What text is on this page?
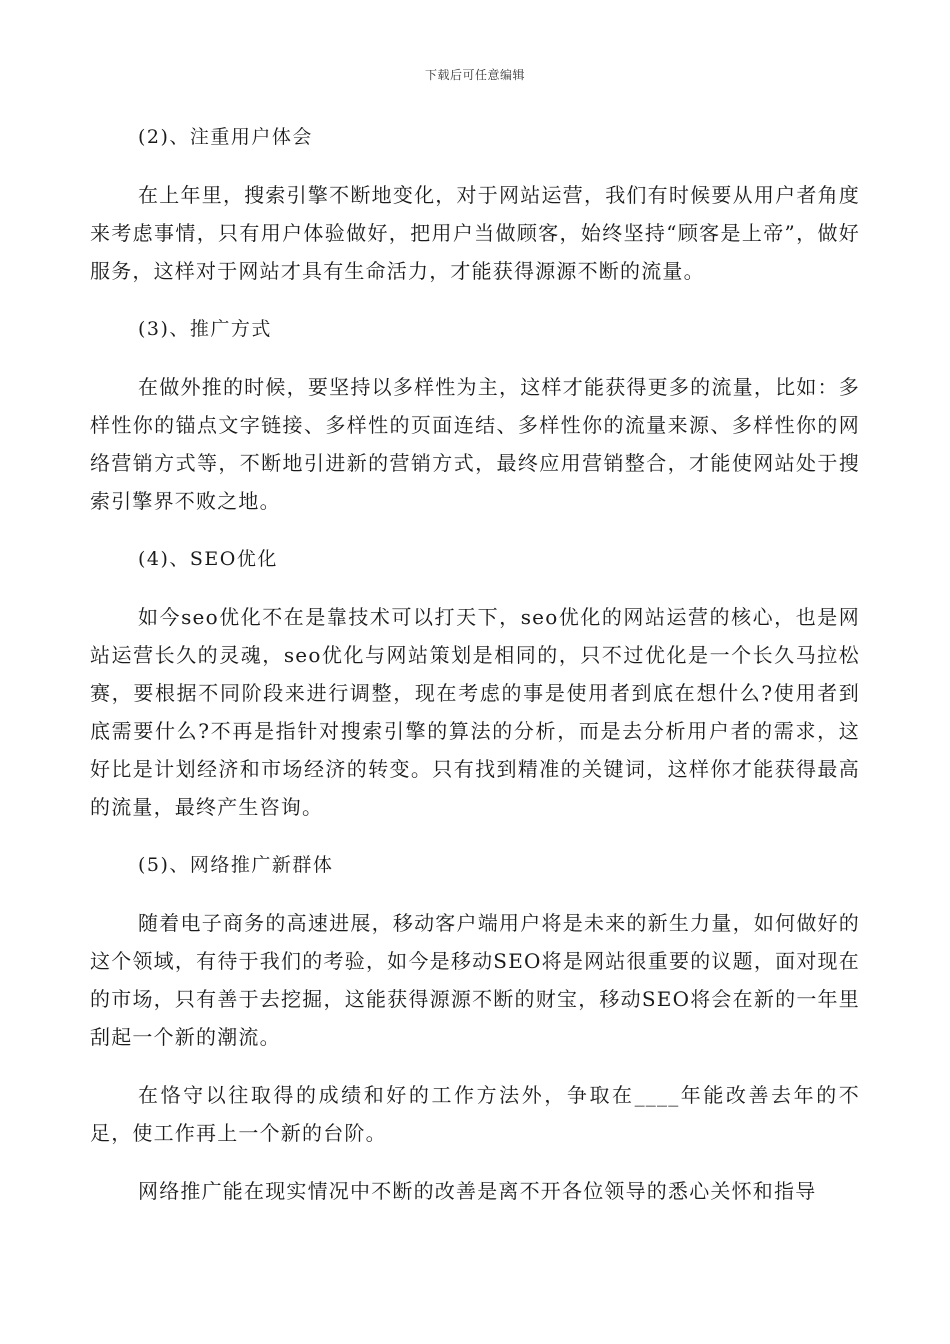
下载后可任意编辑

(2)、注重用户体会

在上年里，搜索引擎不断地变化，对于网站运营，我们有时候要从用户者角度来考虑事情，只有用户体验做好，把用户当做顾客，始终坚持“顾客是上帝”，做好服务，这样对于网站才具有生命活力，才能获得源源不断的流量。

(3)、推广方式

在做外推的时候，要坚持以多样性为主，这样才能获得更多的流量，比如：多样性你的锚点文字链接、多样性的页面连结、多样性你的流量来源、多样性你的网络营销方式等，不断地引进新的营销方式，最终应用营销整合，才能使网站处于搜索引擎界不败之地。

(4)、SEO优化

如今seo优化不在是靠技术可以打天下，seo优化的网站运营的核心，也是网站运营长久的灵魂，seo优化与网站策划是相同的，只不过优化是一个长久马拉松赛，要根据不同阶段来进行调整，现在考虑的事是使用者到底在想什么?使用者到底需要什么?不再是指针对搜索引擎的算法的分析，而是去分析用户者的需求，这好比是计划经济和市场经济的转变。只有找到精准的关键词，这样你才能获得最高的流量，最终产生咨询。

(5)、网络推广新群体

随着电子商务的高速进展，移动客户端用户将是未来的新生力量，如何做好的这个领域，有待于我们的考验，如今是移动SEO将是网站很重要的议题，面对现在的市场，只有善于去挖掘，这能获得源源不断的财宝，移动SEO将会在新的一年里刮起一个新的潮流。

在恪守以往取得的成绩和好的工作方法外，争取在____年能改善去年的不足，使工作再上一个新的台阶。

网络推广能在现实情况中不断的改善是离不开各位领导的悉心关怀和指导
